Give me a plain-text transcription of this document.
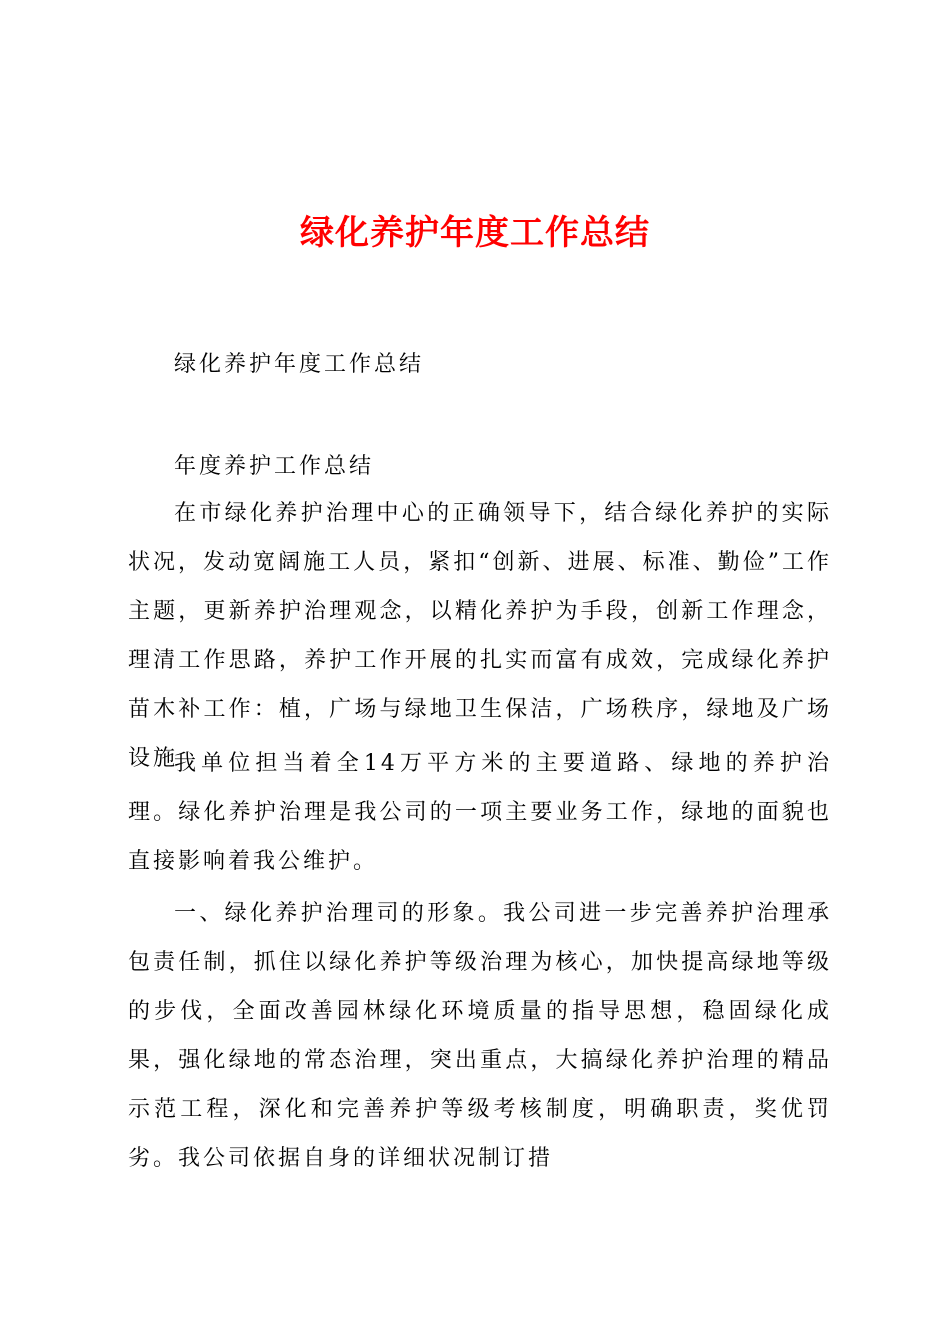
绿化养护年度工作总结
绿化养护年度工作总结
年度养护工作总结

在市绿化养护治理中心的正确领导下，结合绿化养护的实际状况，发动宽阔施工人员，紧扣“创新、进展、标准、勤俭”工作主题，更新养护治理观念，以精化养护为手段，创新工作理念，理清工作思路，养护工作开展的扎实而富有成效，完成绿化养护苗木补工作：植，广场与绿地卫生保洁，广场秩序，绿地及广场设施

我单位担当着全14万平方米的主要道路、绿地的养护治理。绿化养护治理是我公司的一项主要业务工作，绿地的面貌也直接影响着我公维护。

一、绿化养护治理司的形象。我公司进一步完善养护治理承包责任制，抓住以绿化养护等级治理为核心，加快提高绿地等级的步伐，全面改善园林绿化环境质量的指导思想，稳固绿化成果，强化绿地的常态治理，突出重点，大搞绿化养护治理的精品示范工程，深化和完善养护等级考核制度，明确职责，奖优罚劣。我公司依据自身的详细状况制订措
